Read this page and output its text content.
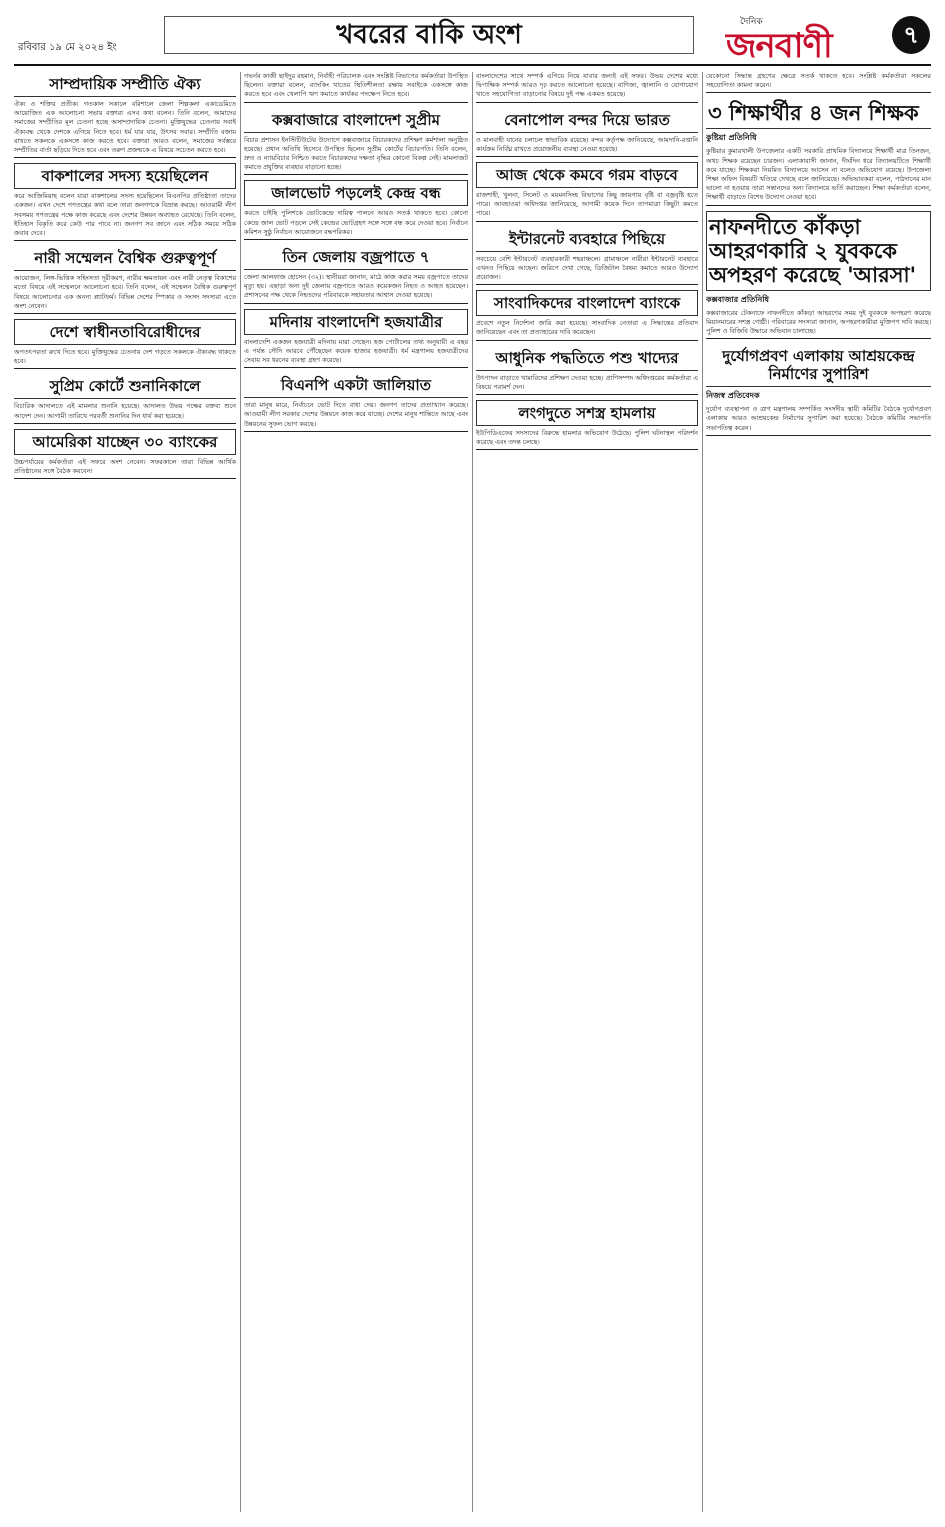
রবিবার ১৯ মে ২০২৪ ইং	খবরের বাকি অংশ	দৈনিক
জনবাণী	৭
সাম্প্রদায়িক সম্প্রীতি ঐক্য
ঐক্য ও শক্তির প্রতীক। গতকাল সকালে বরিশালে জেলা শিল্পকলা একাডেমিতে আয়োজিত এক আলোচনা সভায় বক্তারা এসব কথা বলেন। তিনি বলেন, আমাদের সমাজের সম্প্রীতির মূল চেতনা হচ্ছে অসাম্প্রদায়িক চেতনা। মুক্তিযুদ্ধের চেতনায় সবাই ঐক্যবদ্ধ থেকে দেশকে এগিয়ে নিতে হবে। ধর্ম যার যার, উৎসব সবার। সম্প্রীতি বজায় রাখতে সকলকে একসঙ্গে কাজ করতে হবে। বক্তারা আরও বলেন, সমাজের সর্বস্তরে সম্প্রীতির বার্তা ছড়িয়ে দিতে হবে এবং তরুণ প্রজন্মকে এ বিষয়ে সচেতন করতে হবে।
বাকশালের সদস্য হয়েছিলেন
করে আজিমিয়াহ বলেন যারা বাকশালের সদস্য হয়েছিলেন বিএনপির প্রতিষ্ঠাতা তাদের একজন। এখন দেশে গণতন্ত্রের কথা বলে তারা জনগণকে বিভ্রান্ত করছে। আওয়ামী লীগ সবসময় গণতন্ত্রের পক্ষে কাজ করেছে এবং দেশের উন্নয়ন অব্যাহত রেখেছে। তিনি বলেন, ইতিহাস বিকৃতি করে কেউ পার পাবে না। জনগণ সব জানে এবং সঠিক সময়ে সঠিক জবাব দেবে।
নারী সম্মেলন বৈশ্বিক গুরুত্বপূর্ণ
আয়োজন, লিঙ্গ-ভিত্তিক সহিংসতা দূরীকরণ, নারীর ক্ষমতায়ন এবং নারী নেতৃত্ব বিকাশের মতো বিষয়ে এই সম্মেলনে আলোচনা হবে। তিনি বলেন, এই সম্মেলন বৈশ্বিক গুরুত্বপূর্ণ বিষয়ে আলোচনার এক অনন্য প্ল্যাটফর্ম। বিভিন্ন দেশের স্পিকার ও সংসদ সদস্যরা এতে অংশ নেবেন।
দেশে স্বাধীনতাবিরোধীদের
অপতৎপরতা রুখে দিতে হবে। মুক্তিযুদ্ধের চেতনায় দেশ গড়তে সকলকে ঐক্যবদ্ধ থাকতে হবে।
সুপ্রিম কোর্টে শুনানিকালে
বিচারিক আদালতে এই মামলার শুনানি হয়েছে। আদালত উভয় পক্ষের বক্তব্য শুনে আদেশ দেন। আগামী তারিখে পরবর্তী শুনানির দিন ধার্য করা হয়েছে।
আমেরিকা যাচ্ছেন ৩০ ব্যাংকের
উচ্চপর্যায়ের কর্মকর্তারা এই সফরে অংশ নেবেন। সফরকালে তারা বিভিন্ন আর্থিক প্রতিষ্ঠানের সঙ্গে বৈঠক করবেন।
গভর্নর কাজী ছাইদুর রহমান, নির্বাহী পরিচালক এবং সংশ্লিষ্ট বিভাগের কর্মকর্তারা উপস্থিত ছিলেন। বক্তারা বলেন, ব্যাংকিং খাতের স্থিতিশীলতা রক্ষায় সবাইকে একসঙ্গে কাজ করতে হবে এবং খেলাপি ঋণ কমাতে কার্যকর পদক্ষেপ নিতে হবে।
কক্সবাজারে বাংলাদেশ সুপ্রীম
বিচার প্রশাসন ইনস্টিটিউটের উদ্যোগে কক্সবাজারে বিচারকদের প্রশিক্ষণ কর্মশালা অনুষ্ঠিত হয়েছে। প্রধান অতিথি হিসেবে উপস্থিত ছিলেন সুপ্রীম কোর্টের বিচারপতি। তিনি বলেন, দ্রুত ও ন্যায়বিচার নিশ্চিত করতে বিচারকদের দক্ষতা বৃদ্ধির কোনো বিকল্প নেই। মামলাজট কমাতে প্রযুক্তির ব্যবহার বাড়ানো হচ্ছে।
জালভোট পড়লেই কেন্দ্র বন্ধ
করতে চাইছি পুলিশকে ভোটকেন্দ্রে দায়িত্ব পালনে আরও সতর্ক থাকতে হবে। কোনো কেন্দ্রে জাল ভোট পড়লে সেই কেন্দ্রের ভোটগ্রহণ সঙ্গে সঙ্গে বন্ধ করে দেওয়া হবে। নির্বাচন কমিশন সুষ্ঠু নির্বাচন আয়োজনে বদ্ধপরিকর।
তিন জেলায় বজ্রপাতে ৭
জেলা আলফাজ হোসেন (৩২)। স্থানীয়রা জানান, মাঠে কাজ করার সময় বজ্রপাতে তাদের মৃত্যু হয়। এছাড়া অন্য দুই জেলায় বজ্রপাতে আরও কয়েকজন নিহত ও আহত হয়েছেন। প্রশাসনের পক্ষ থেকে নিহতদের পরিবারকে সহায়তার আশ্বাস দেওয়া হয়েছে।
মদিনায় বাংলাদেশি হজযাত্রীর
বাংলাদেশি একজন হজযাত্রী মদিনায় মারা গেছেন। হজ পোর্টালের তথ্য অনুযায়ী এ বছর এ পর্যন্ত সৌদি আরবে পৌঁছেছেন কয়েক হাজার হজযাত্রী। ধর্ম মন্ত্রণালয় হজযাত্রীদের সেবায় সব ধরনের ব্যবস্থা গ্রহণ করেছে।
বিএনপি একটা জালিয়াত
তারা মানুষ মারে, নির্বাচনে ভোট দিতে বাধা দেয়। জনগণ তাদের প্রত্যাখ্যান করেছে। আওয়ামী লীগ সরকার দেশের উন্নয়নে কাজ করে যাচ্ছে। দেশের মানুষ শান্তিতে আছে এবং উন্নয়নের সুফল ভোগ করছে।
বাংলাদেশের সাথে সম্পর্ক এগিয়ে নিয়ে যাবার জন্যই এই সফর। উভয় দেশের মধ্যে দ্বিপাক্ষিক সম্পর্ক আরও দৃঢ় করতে আলোচনা হয়েছে। বাণিজ্য, জ্বালানি ও যোগাযোগ খাতে সহযোগিতা বাড়ানোর বিষয়ে দুই পক্ষ একমত হয়েছে।
বেনাপোল বন্দর দিয়ে ভারত
ও মালবাহী যানের চলাচল স্বাভাবিক রয়েছে। বন্দর কর্তৃপক্ষ জানিয়েছে, আমদানি-রপ্তানি কার্যক্রম নির্বিঘ্ন রাখতে প্রয়োজনীয় ব্যবস্থা নেওয়া হয়েছে।
আজ থেকে কমবে গরম বাড়বে
রাজশাহী, খুলনা, সিলেট ও ময়মনসিংহ বিভাগের কিছু জায়গায় বৃষ্টি বা বজ্রবৃষ্টি হতে পারে। আবহাওয়া অধিদপ্তর জানিয়েছে, আগামী কয়েক দিনে তাপমাত্রা কিছুটা কমতে পারে।
ইন্টারনেট ব্যবহারে পিছিয়ে
সবচেয়ে বেশি ইন্টারনেট ব্যবহারকারী শহরাঞ্চলে। গ্রামাঞ্চলে নারীরা ইন্টারনেট ব্যবহারে এখনও পিছিয়ে আছেন। জরিপে দেখা গেছে, ডিজিটাল বৈষম্য কমাতে আরও উদ্যোগ প্রয়োজন।
সাংবাদিকদের বাংলাদেশ ব্যাংকে
প্রবেশে নতুন নির্দেশনা জারি করা হয়েছে। সাংবাদিক নেতারা এ সিদ্ধান্তের প্রতিবাদ জানিয়েছেন এবং তা প্রত্যাহারের দাবি করেছেন।
আধুনিক পদ্ধতিতে পশু খাদ্যের
উৎপাদন বাড়াতে খামারিদের প্রশিক্ষণ দেওয়া হচ্ছে। প্রাণিসম্পদ অধিদপ্তরের কর্মকর্তারা এ বিষয়ে পরামর্শ দেন।
লংগদুতে সশস্ত্র হামলায়
ইউপিডিএফের সদস্যদের বিরুদ্ধে হামলার অভিযোগ উঠেছে। পুলিশ ঘটনাস্থল পরিদর্শন করেছে এবং তদন্ত চলছে।
যেকোনো সিদ্ধান্ত গ্রহণের ক্ষেত্রে সতর্ক থাকতে হবে। সংশ্লিষ্ট কর্মকর্তারা সকলের সহযোগিতা কামনা করেন।
৩ শিক্ষার্থীর ৪ জন শিক্ষক
কুষ্টিয়া প্রতিনিধি
কুষ্টিয়ার কুমারখালী উপজেলার একটি সরকারি প্রাথমিক বিদ্যালয়ে শিক্ষার্থী মাত্র তিনজন, অথচ শিক্ষক রয়েছেন চারজন। এলাকাবাসী জানান, দীর্ঘদিন ধরে বিদ্যালয়টিতে শিক্ষার্থী কমে যাচ্ছে। শিক্ষকরা নিয়মিত বিদ্যালয়ে আসেন না বলেও অভিযোগ রয়েছে। উপজেলা শিক্ষা অফিস বিষয়টি খতিয়ে দেখছে বলে জানিয়েছে। অভিভাবকরা বলেন, পাঠদানের মান ভালো না হওয়ায় তারা সন্তানদের অন্য বিদ্যালয়ে ভর্তি করাচ্ছেন। শিক্ষা কর্মকর্তারা বলেন, শিক্ষার্থী বাড়াতে বিশেষ উদ্যোগ নেওয়া হবে।
নাফনদীতে কাঁকড়া আহরণকারি ২ যুবককে অপহরণ করেছে 'আরসা'
কক্সবাজার প্রতিনিধি
কক্সবাজারের টেকনাফে নাফনদীতে কাঁকড়া আহরণের সময় দুই যুবককে অপহরণ করেছে মিয়ানমারের সশস্ত্র গোষ্ঠী। পরিবারের সদস্যরা জানান, অপহরণকারীরা মুক্তিপণ দাবি করছে। পুলিশ ও বিজিবি উদ্ধারে অভিযান চালাচ্ছে।
দুর্যোগপ্রবণ এলাকায় আশ্রয়কেন্দ্র নির্মাণের সুপারিশ
নিজস্ব প্রতিবেদক
দুর্যোগ ব্যবস্থাপনা ও ত্রাণ মন্ত্রণালয় সম্পর্কিত সংসদীয় স্থায়ী কমিটির বৈঠকে দুর্যোগপ্রবণ এলাকায় আরও আশ্রয়কেন্দ্র নির্মাণের সুপারিশ করা হয়েছে। বৈঠকে কমিটির সভাপতি সভাপতিত্ব করেন।
